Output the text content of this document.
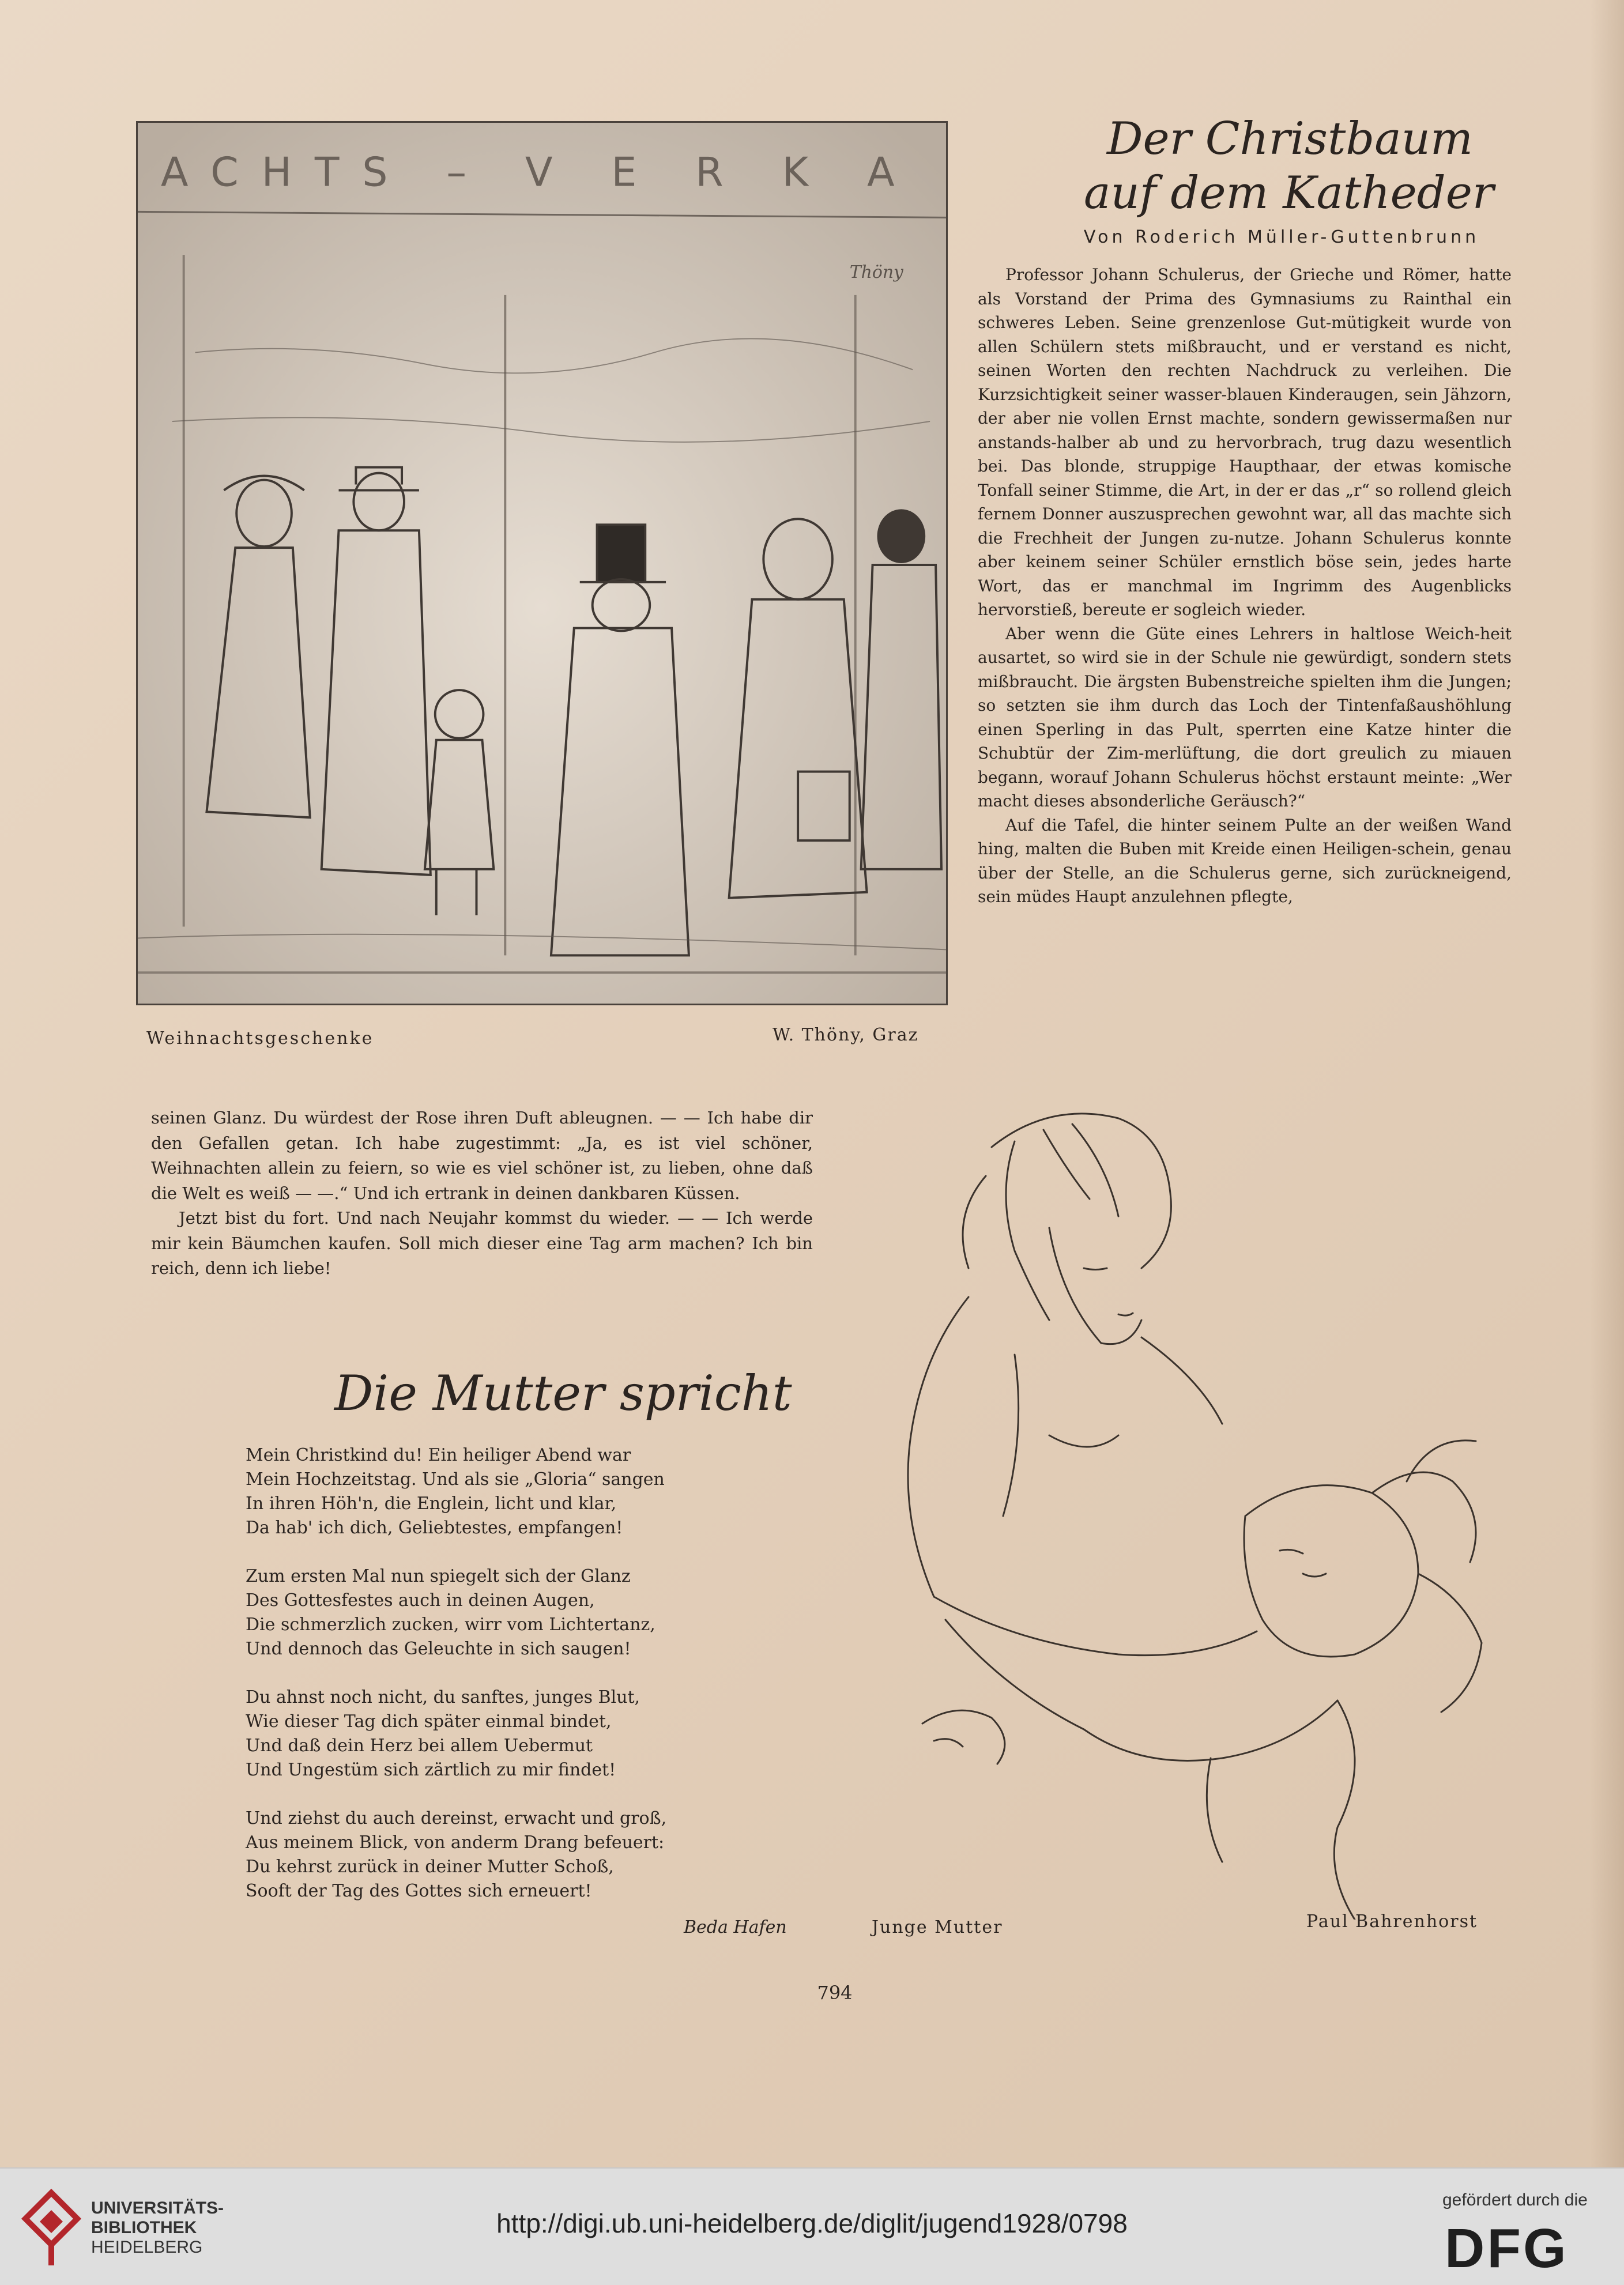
ACHTS – V E R K A
Thöny
Weihnachtsgeschenke	W. Thöny, Graz
Der Christbaum
auf dem Katheder
Von Roderich Müller-Guttenbrunn

Professor Johann Schulerus, der Grieche und Römer, hatte als Vorstand der Prima des Gymnasiums zu Rainthal ein schweres Leben. Seine grenzenlose Gut-mütigkeit wurde von allen Schülern stets mißbraucht, und er verstand es nicht, seinen Worten den rechten Nachdruck zu verleihen. Die Kurzsichtigkeit seiner wasser-blauen Kinderaugen, sein Jähzorn, der aber nie vollen Ernst machte, sondern gewissermaßen nur anstands-halber ab und zu hervorbrach, trug dazu wesentlich bei. Das blonde, struppige Haupthaar, der etwas komische Tonfall seiner Stimme, die Art, in der er das „r“ so rollend gleich fernem Donner auszusprechen gewohnt war, all das machte sich die Frechheit der Jungen zu-nutze. Johann Schulerus konnte aber keinem seiner Schüler ernstlich böse sein, jedes harte Wort, das er manchmal im Ingrimm des Augenblicks hervorstieß, bereute er sogleich wieder.

Aber wenn die Güte eines Lehrers in haltlose Weich-heit ausartet, so wird sie in der Schule nie gewürdigt, sondern stets mißbraucht. Die ärgsten Bubenstreiche spielten ihm die Jungen; so setzten sie ihm durch das Loch der Tintenfaßaushöhlung einen Sperling in das Pult, sperrten eine Katze hinter die Schubtür der Zim-merlüftung, die dort greulich zu miauen begann, worauf Johann Schulerus höchst erstaunt meinte: „Wer macht dieses absonderliche Geräusch?“

Auf die Tafel, die hinter seinem Pulte an der weißen Wand hing, malten die Buben mit Kreide einen Heiligen-schein, genau über der Stelle, an die Schulerus gerne, sich zurückneigend, sein müdes Haupt anzulehnen pflegte,

seinen Glanz. Du würdest der Rose ihren Duft ableugnen. — — Ich habe dir den Gefallen getan. Ich habe zugestimmt: „Ja, es ist viel schöner, Weihnachten allein zu feiern, so wie es viel schöner ist, zu lieben, ohne daß die Welt es weiß — —.“ Und ich ertrank in deinen dankbaren Küssen.

Jetzt bist du fort. Und nach Neujahr kommst du wieder. — — Ich werde mir kein Bäumchen kaufen. Soll mich dieser eine Tag arm machen? Ich bin reich, denn ich liebe!

Die Mutter spricht
Mein Christkind du! Ein heiliger Abend war
Mein Hochzeitstag. Und als sie „Gloria“ sangen
In ihren Höh'n, die Englein, licht und klar,
Da hab' ich dich, Geliebtestes, empfangen!
Zum ersten Mal nun spiegelt sich der Glanz
Des Gottesfestes auch in deinen Augen,
Die schmerzlich zucken, wirr vom Lichtertanz,
Und dennoch das Geleuchte in sich saugen!
Du ahnst noch nicht, du sanftes, junges Blut,
Wie dieser Tag dich später einmal bindet,
Und daß dein Herz bei allem Uebermut
Und Ungestüm sich zärtlich zu mir findet!
Und ziehst du auch dereinst, erwacht und groß,
Aus meinem Blick, von anderm Drang befeuert:
Du kehrst zurück in deiner Mutter Schoß,
Sooft der Tag des Gottes sich erneuert!
Beda Hafen	Junge Mutter	Paul Bahrenhorst
794
UNIVERSITÄTS-
BIBLIOTHEK
HEIDELBERG
http://digi.ub.uni-heidelberg.de/diglit/jugend1928/0798
gefördert durch die
DFG
